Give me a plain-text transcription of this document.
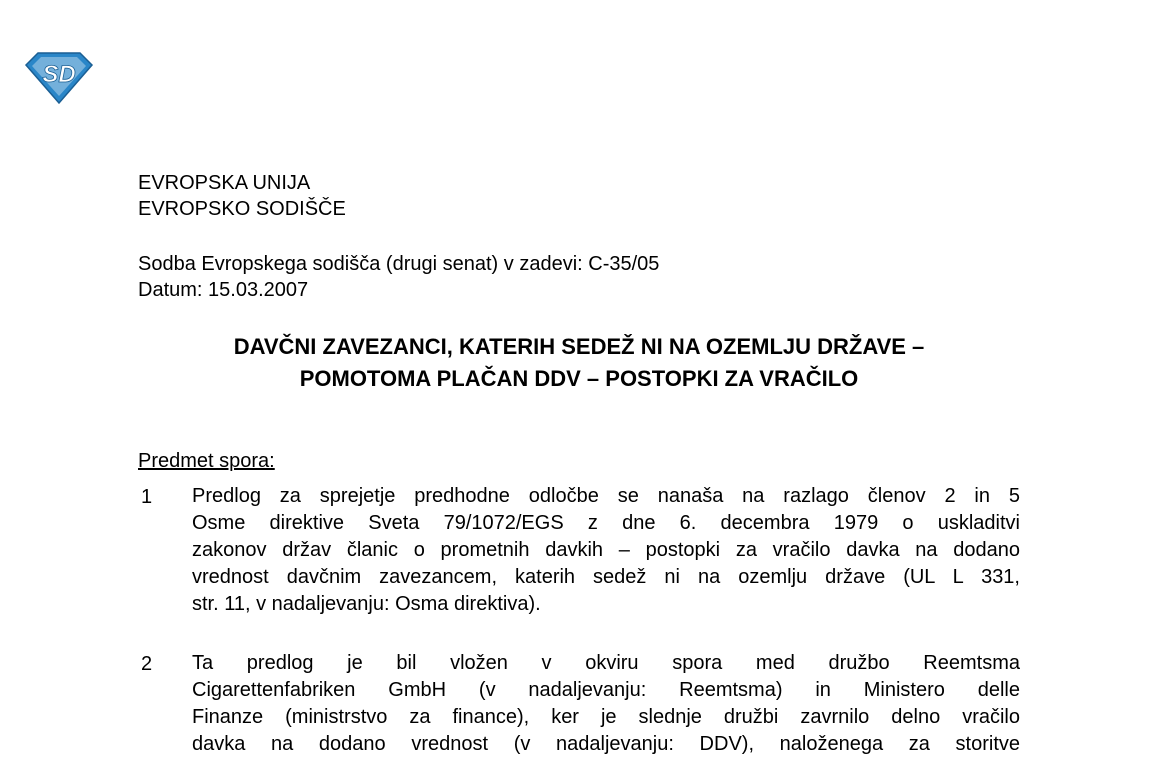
SD
EVROPSKA UNIJA
EVROPSKO SODIŠČE
Sodba Evropskega sodišča (drugi senat) v zadevi: C-35/05
Datum: 15.03.2007
DAVČNI ZAVEZANCI, KATERIH SEDEŽ NI NA OZEMLJU DRŽAVE –
POMOTOMA PLAČAN DDV – POSTOPKI ZA VRAČILO
Predmet spora:
1 Predlog za sprejetje predhodne odločbe se nanaša na razlago členov 2 in 5
Osme direktive Sveta 79/1072/EGS z dne 6. decembra 1979 o uskladitvi
zakonov držav članic o prometnih davkih – postopki za vračilo davka na dodano
vrednost davčnim zavezancem, katerih sedež ni na ozemlju države (UL L 331,
str. 11, v nadaljevanju: Osma direktiva).
2 Ta predlog je bil vložen v okviru spora med družbo Reemtsma
Cigarettenfabriken GmbH (v nadaljevanju: Reemtsma) in Ministero delle
Finanze (ministrstvo za finance), ker je slednje družbi zavrnilo delno vračilo
davka na dodano vrednost (v nadaljevanju: DDV), naloženega za storitve
